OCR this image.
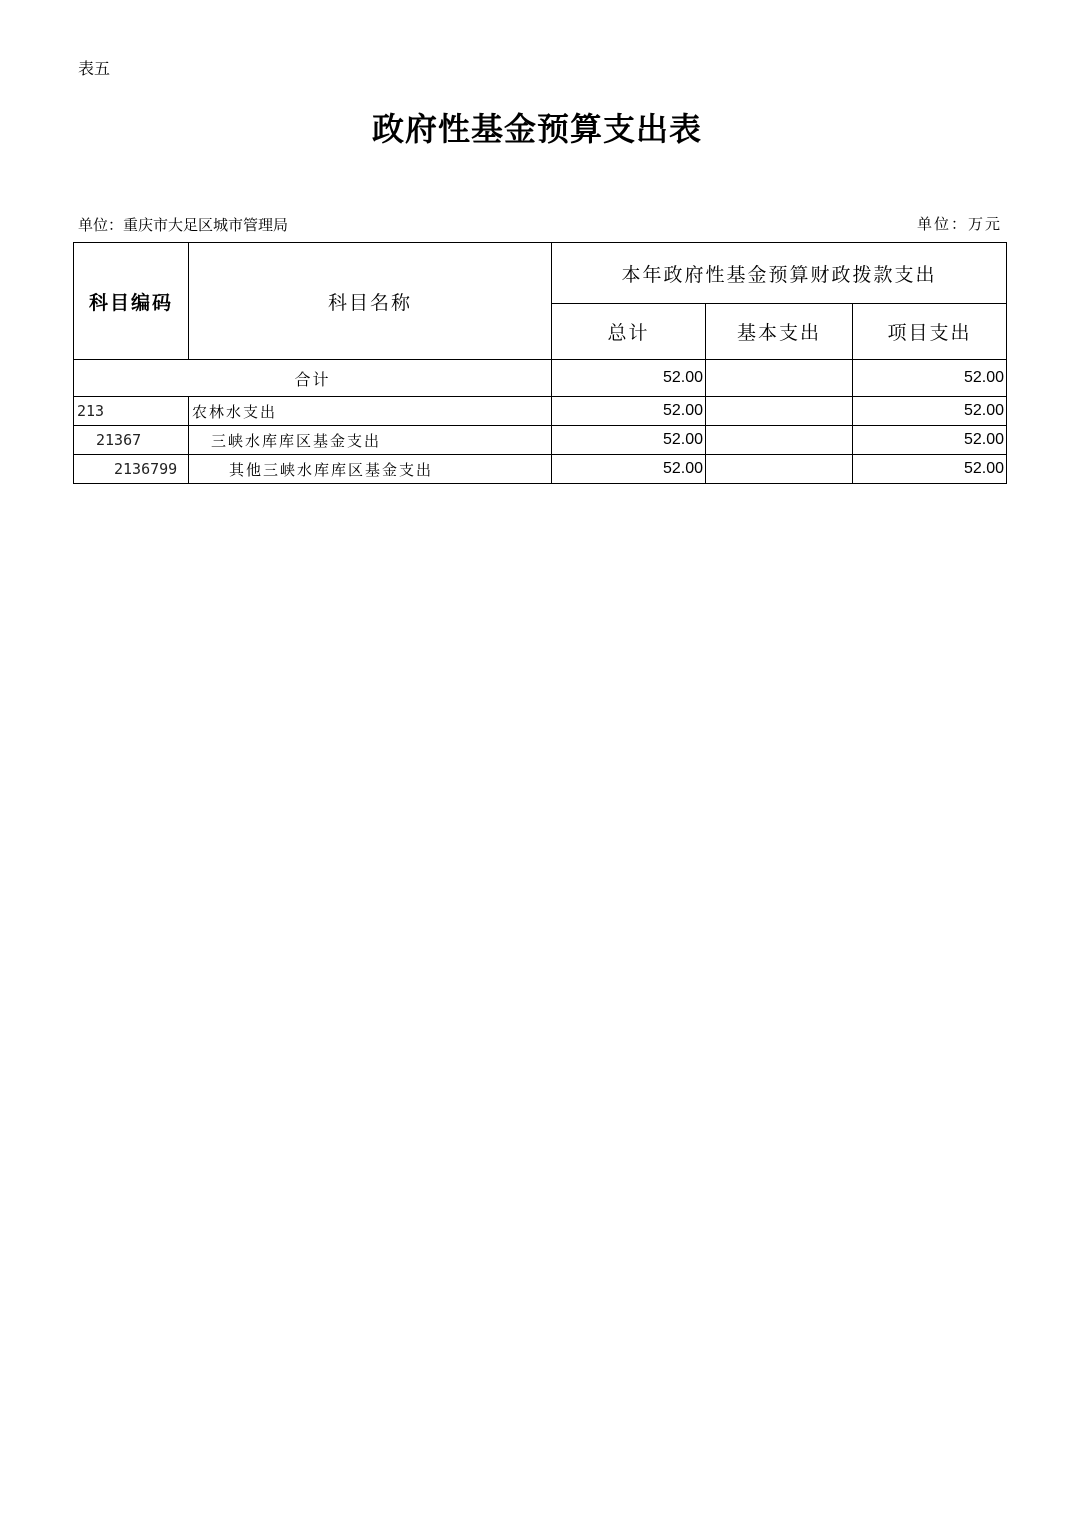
表五
政府性基金预算支出表
单位：重庆市大足区城市管理局	单位：万元
科目编码	科目名称	本年政府性基金预算财政拨款支出		
		总计	基本支出	项目支出
合计		52.00		52.00
213	农林水支出	52.00		52.00
21367	三峡水库库区基金支出	52.00		52.00
2136799	其他三峡水库库区基金支出	52.00		52.00
